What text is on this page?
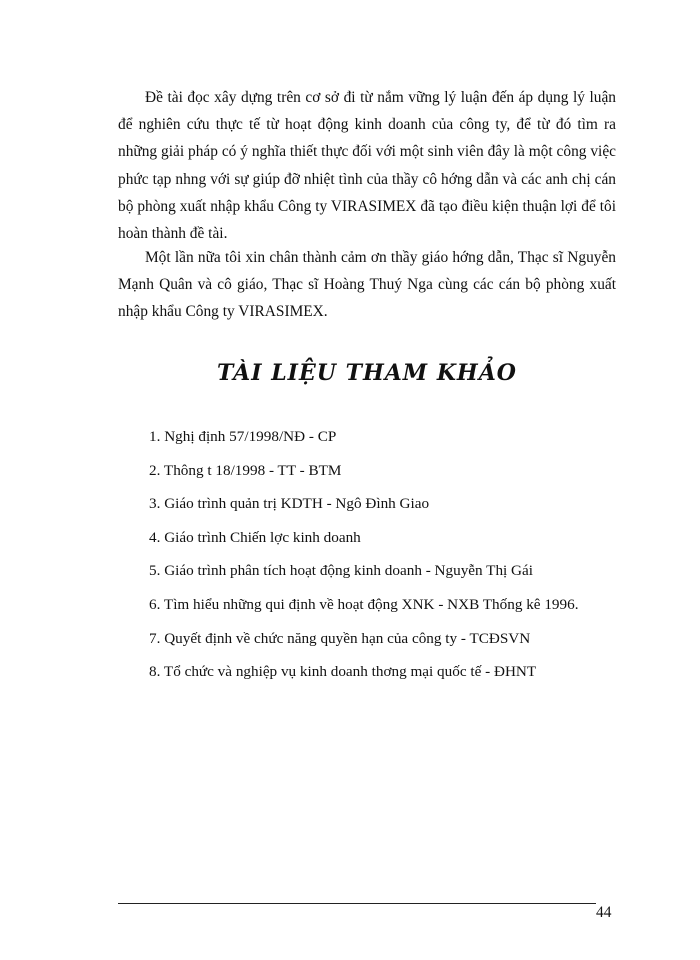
Đề tài đọc xây dựng trên cơ sở đi từ nắm vững lý luận đến áp dụng lý luận để nghiên cứu thực tế từ hoạt động kinh doanh của công ty, để từ đó tìm ra những giải pháp có ý nghĩa thiết thực đối với một sinh viên đây là một công việc phức tạp nhng với sự giúp đỡ nhiệt tình của thầy cô hớng dẫn và các anh chị cán bộ phòng xuất nhập khẩu Công ty VIRASIMEX đã tạo điều kiện thuận lợi để tôi hoàn thành đề tài.

Một lần nữa tôi xin chân thành cảm ơn thầy giáo hớng dẫn, Thạc sĩ Nguyễn Mạnh Quân và cô giáo, Thạc sĩ Hoàng Thuý Nga cùng các cán bộ phòng xuất nhập khẩu Công ty VIRASIMEX.

TÀI LIỆU THAM KHẢO
1. Nghị định 57/1998/NĐ - CP
2. Thông t 18/1998 - TT - BTM
3. Giáo trình quản trị KDTH - Ngô Đình Giao
4. Giáo trình Chiến lợc kinh doanh
5. Giáo trình phân tích hoạt động kinh doanh - Nguyễn Thị Gái
6. Tìm hiểu những qui định về hoạt động XNK - NXB Thống kê 1996.
7. Quyết định về chức năng quyền hạn của công ty - TCĐSVN
8. Tổ chức và nghiệp vụ kinh doanh thơng mại quốc tế - ĐHNT
44
